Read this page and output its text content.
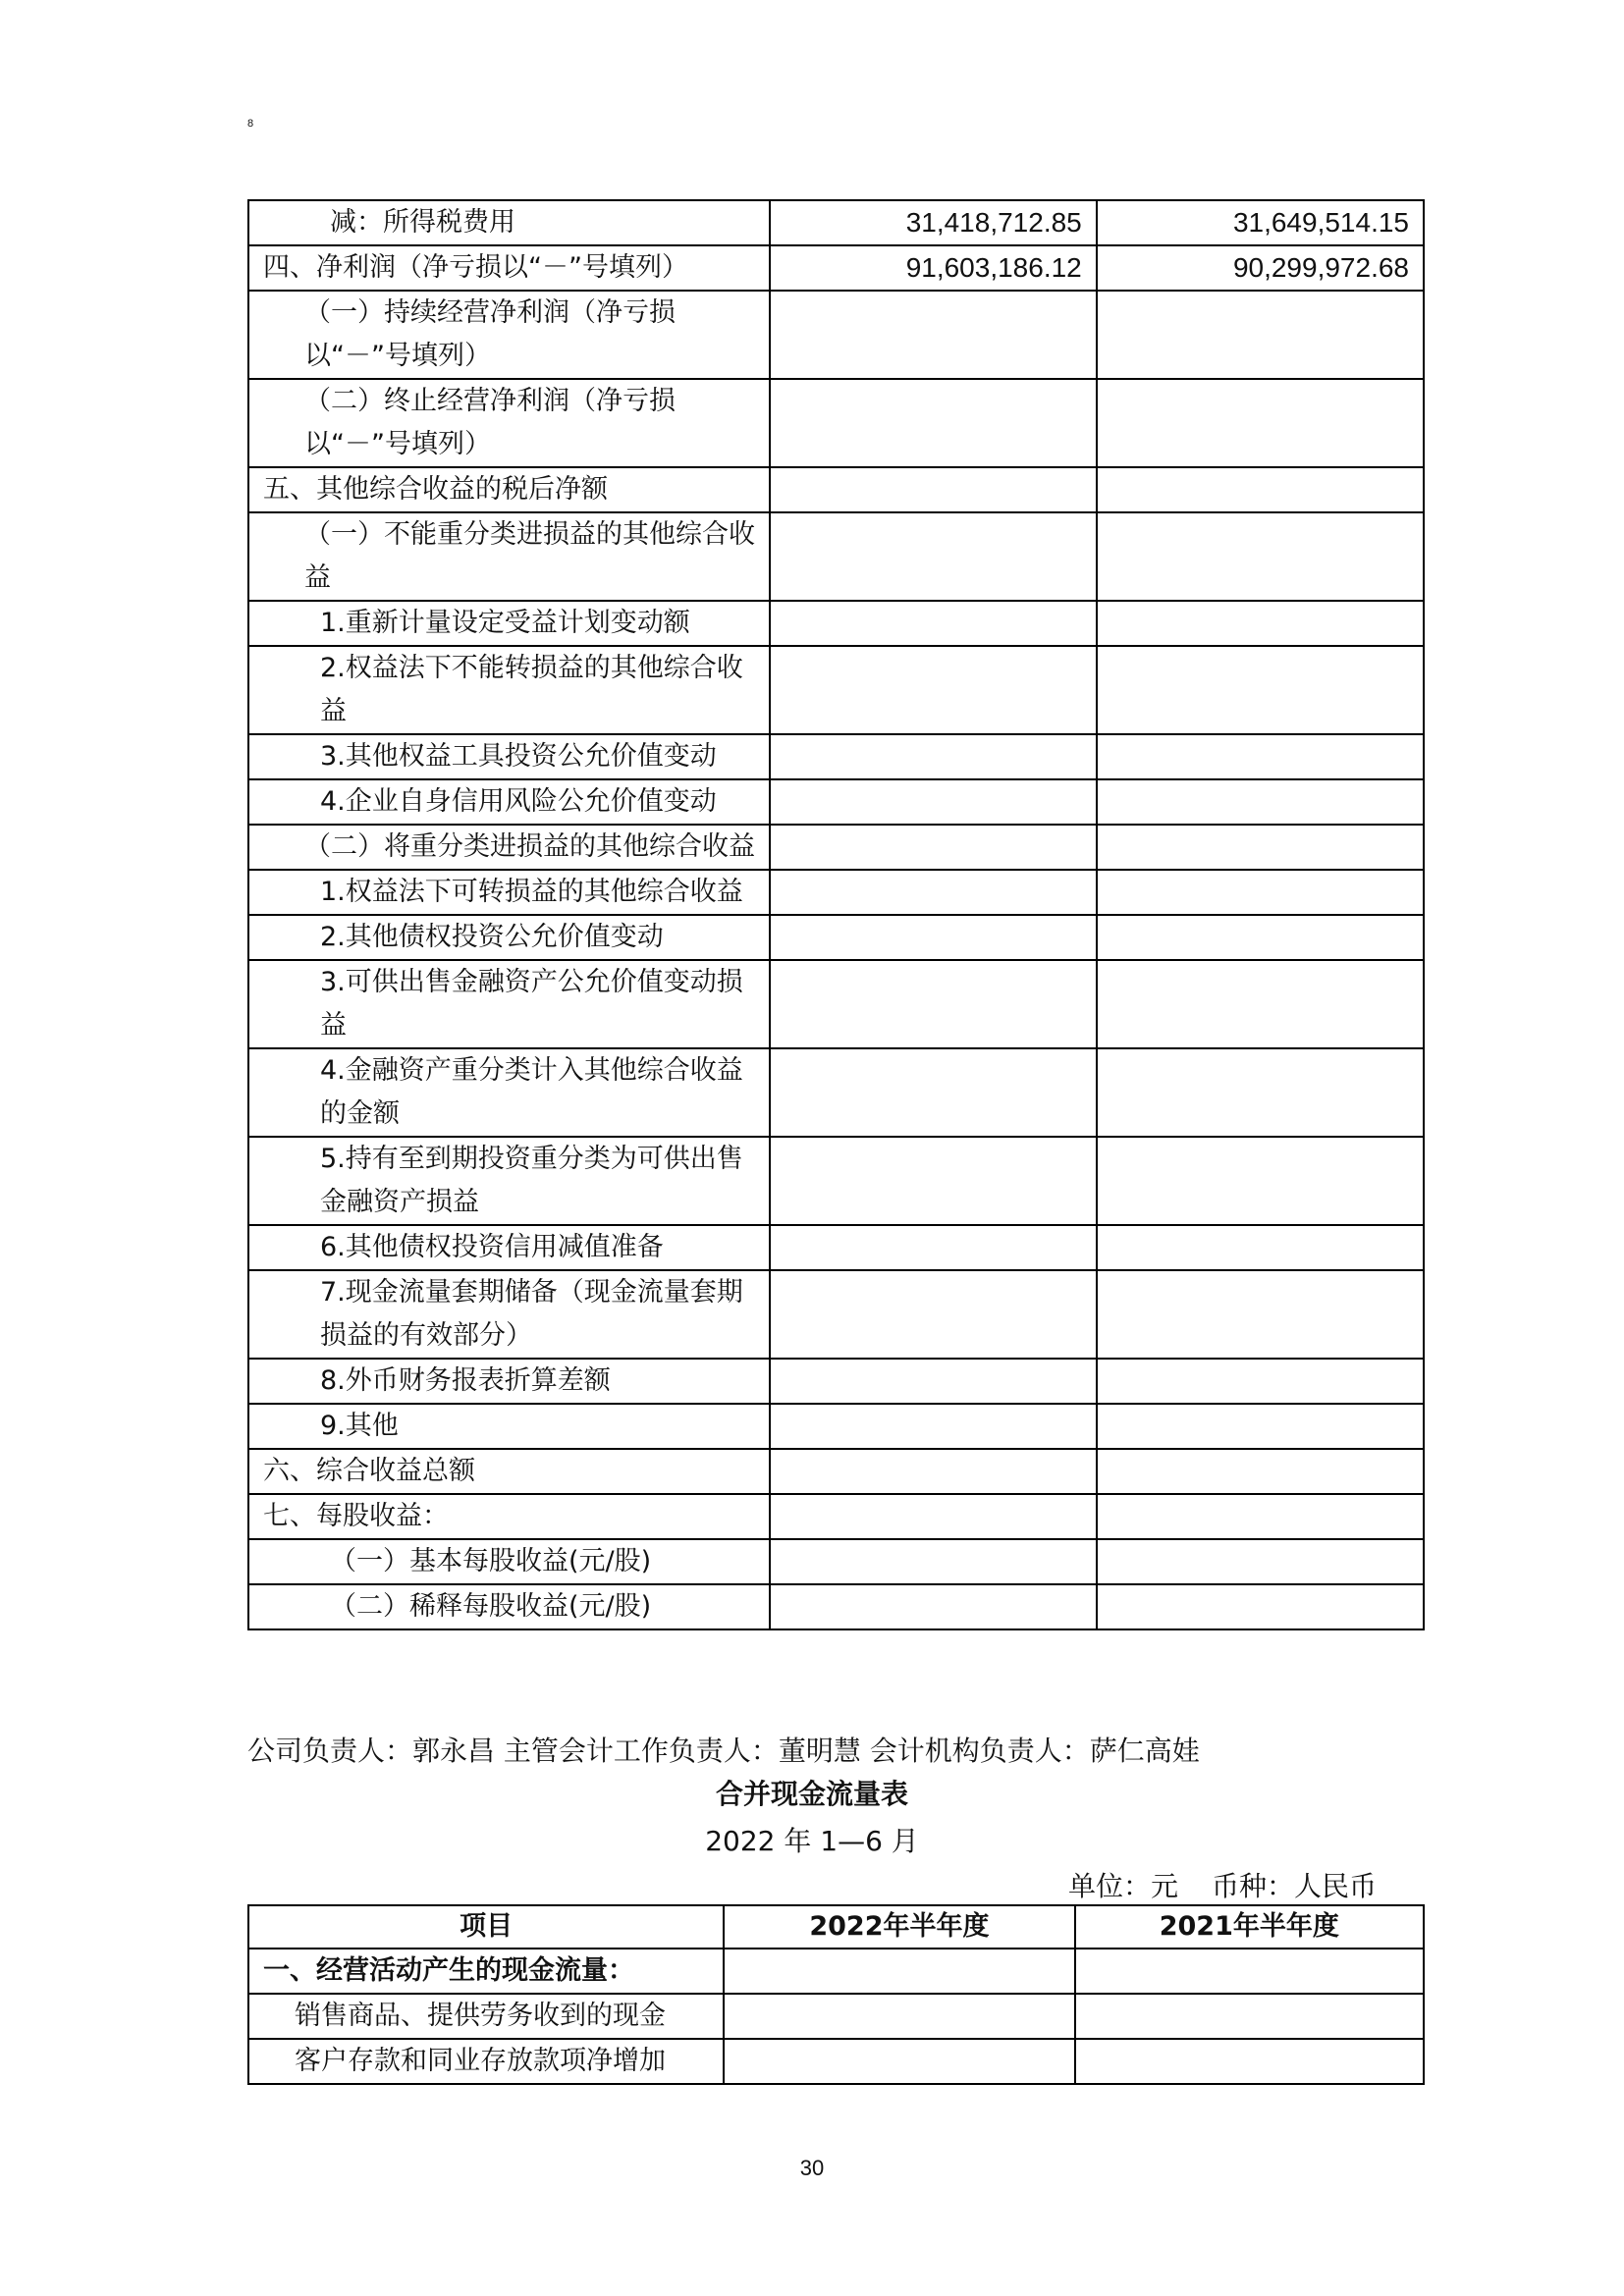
8
减：所得税费用	31,418,712.85	31,649,514.15
四、净利润（净亏损以“－”号填列）	91,603,186.12	90,299,972.68
（一）持续经营净利润（净亏损以“－”号填列）		
（二）终止经营净利润（净亏损以“－”号填列）		
五、其他综合收益的税后净额		
（一）不能重分类进损益的其他综合收益		
1.重新计量设定受益计划变动额		
2.权益法下不能转损益的其他综合收益		
3.其他权益工具投资公允价值变动		
4.企业自身信用风险公允价值变动		
（二）将重分类进损益的其他综合收益		
1.权益法下可转损益的其他综合收益		
2.其他债权投资公允价值变动		
3.可供出售金融资产公允价值变动损益		
4.金融资产重分类计入其他综合收益的金额		
5.持有至到期投资重分类为可供出售金融资产损益		
6.其他债权投资信用减值准备		
7.现金流量套期储备（现金流量套期损益的有效部分）		
8.外币财务报表折算差额		
9.其他		
六、综合收益总额		
七、每股收益：		
（一）基本每股收益(元/股)		
（二）稀释每股收益(元/股)		
公司负责人：郭永昌 主管会计工作负责人：董明慧 会计机构负责人：萨仁高娃
合并现金流量表
2022 年 1—6 月
单位：元 币种：人民币
项目	2022年半年度	2021年半年度
一、经营活动产生的现金流量：		
销售商品、提供劳务收到的现金		
客户存款和同业存放款项净增加		
30
